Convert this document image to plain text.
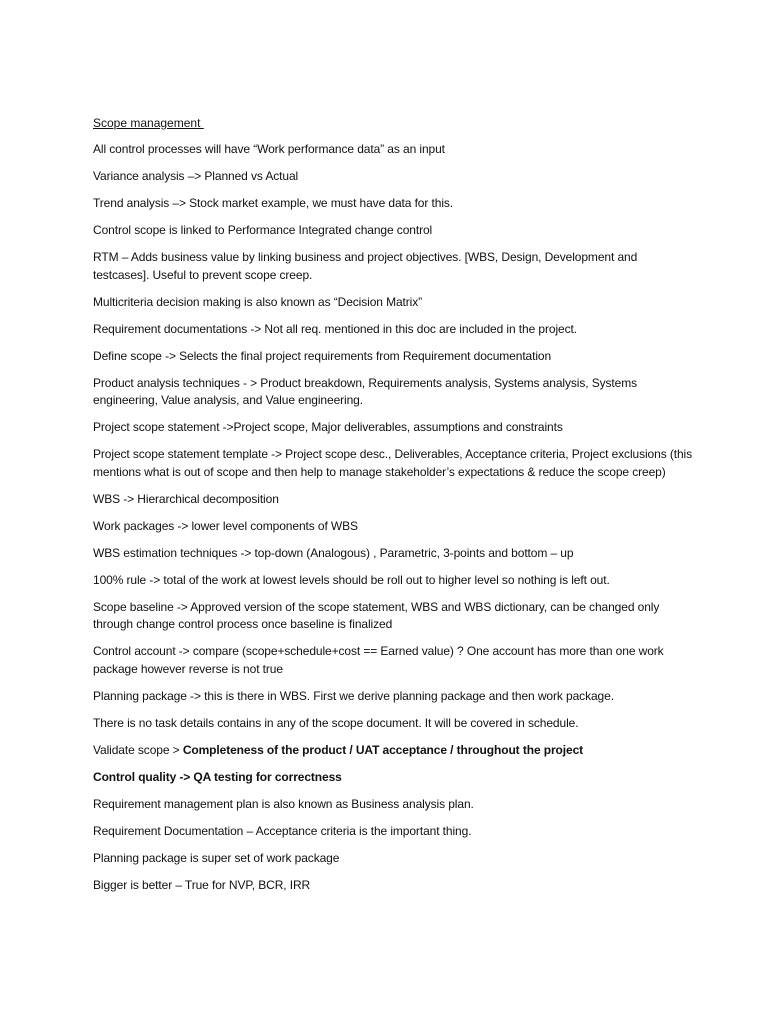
Scope management

All control processes will have “Work performance data” as an input

Variance analysis –> Planned vs Actual

Trend analysis –> Stock market example, we must have data for this.

Control scope is linked to Performance Integrated change control

RTM – Adds business value by linking business and project objectives. [WBS, Design, Development and testcases]. Useful to prevent scope creep.

Multicriteria decision making is also known as “Decision Matrix”

Requirement documentations -> Not all req. mentioned in this doc are included in the project.

Define scope -> Selects the final project requirements from Requirement documentation

Product analysis techniques - > Product breakdown, Requirements analysis, Systems analysis, Systems engineering, Value analysis, and Value engineering.

Project scope statement ->Project scope, Major deliverables, assumptions and constraints

Project scope statement template -> Project scope desc., Deliverables, Acceptance criteria, Project exclusions (this mentions what is out of scope and then help to manage stakeholder’s expectations & reduce the scope creep)

WBS -> Hierarchical decomposition

Work packages -> lower level components of WBS

WBS estimation techniques -> top-down (Analogous) , Parametric, 3-points and bottom – up

100% rule -> total of the work at lowest levels should be roll out to higher level so nothing is left out.

Scope baseline -> Approved version of the scope statement, WBS and WBS dictionary, can be changed only through change control process once baseline is finalized

Control account -> compare (scope+schedule+cost == Earned value) ? One account has more than one work package however reverse is not true

Planning package -> this is there in WBS. First we derive planning package and then work package.

There is no task details contains in any of the scope document. It will be covered in schedule.

Validate scope > Completeness of the product / UAT acceptance / throughout the project

Control quality -> QA testing for correctness

Requirement management plan is also known as Business analysis plan.

Requirement Documentation – Acceptance criteria is the important thing.

Planning package is super set of work package

Bigger is better – True for NVP, BCR, IRR
